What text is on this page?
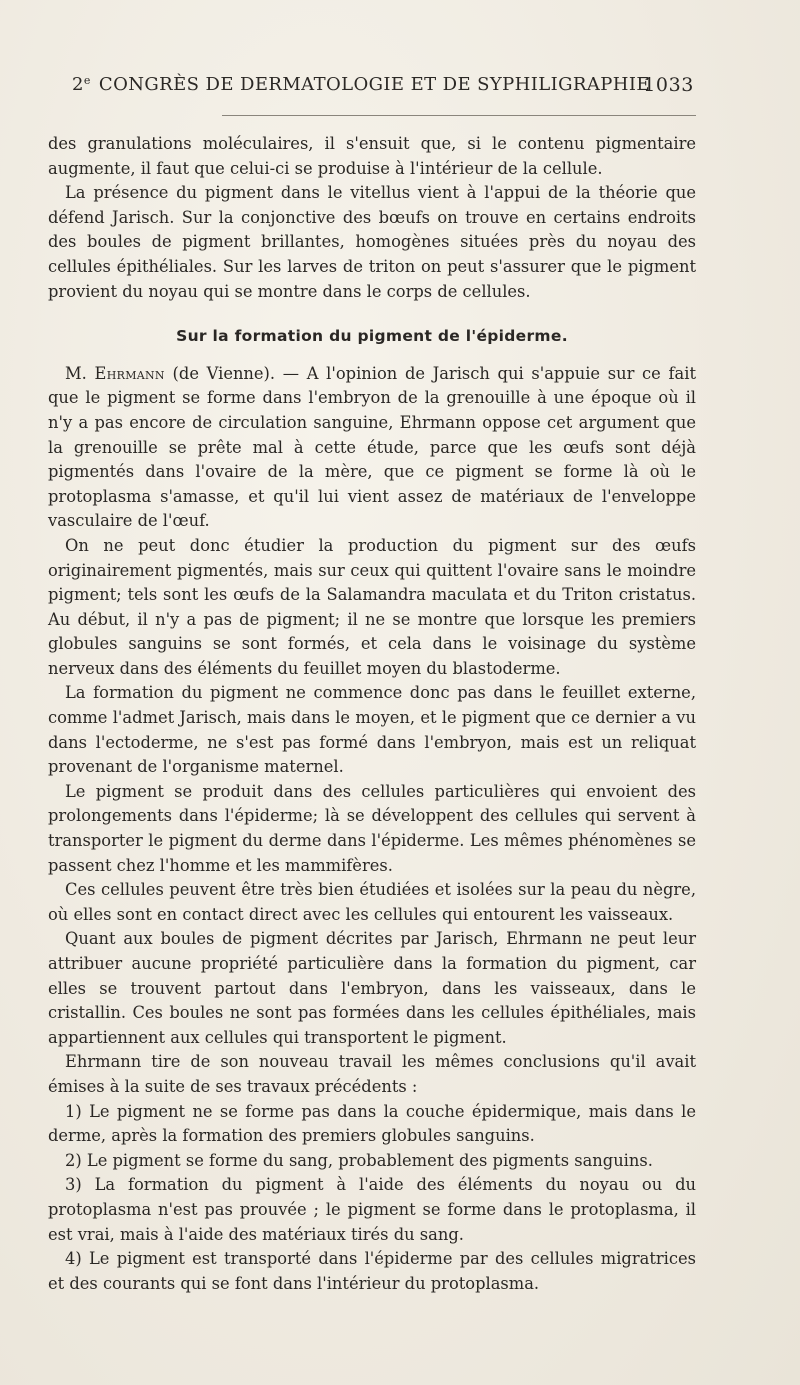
2e CONGRÈS DE DERMATOLOGIE ET DE SYPHILIGRAPHIE
1033

des granulations moléculaires, il s'ensuit que, si le contenu pigmentaire augmente, il faut que celui-ci se produise à l'intérieur de la cellule.

La présence du pigment dans le vitellus vient à l'appui de la théorie que défend Jarisch. Sur la conjonctive des bœufs on trouve en certains endroits des boules de pigment brillantes, homogènes situées près du noyau des cellules épithéliales. Sur les larves de triton on peut s'assurer que le pigment provient du noyau qui se montre dans le corps de cellules.

Sur la formation du pigment de l'épiderme.

M. Ehrmann (de Vienne). — A l'opinion de Jarisch qui s'appuie sur ce fait que le pigment se forme dans l'embryon de la grenouille à une époque où il n'y a pas encore de circulation sanguine, Ehrmann oppose cet argument que la grenouille se prête mal à cette étude, parce que les œufs sont déjà pigmentés dans l'ovaire de la mère, que ce pigment se forme là où le protoplasma s'amasse, et qu'il lui vient assez de matériaux de l'enveloppe vasculaire de l'œuf.

On ne peut donc étudier la production du pigment sur des œufs originairement pigmentés, mais sur ceux qui quittent l'ovaire sans le moindre pigment; tels sont les œufs de la Salamandra maculata et du Triton cristatus. Au début, il n'y a pas de pigment; il ne se montre que lorsque les premiers globules sanguins se sont formés, et cela dans le voisinage du système nerveux dans des éléments du feuillet moyen du blastoderme.

La formation du pigment ne commence donc pas dans le feuillet externe, comme l'admet Jarisch, mais dans le moyen, et le pigment que ce dernier a vu dans l'ectoderme, ne s'est pas formé dans l'embryon, mais est un reliquat provenant de l'organisme maternel.

Le pigment se produit dans des cellules particulières qui envoient des prolongements dans l'épiderme; là se développent des cellules qui servent à transporter le pigment du derme dans l'épiderme. Les mêmes phénomènes se passent chez l'homme et les mammifères.

Ces cellules peuvent être très bien étudiées et isolées sur la peau du nègre, où elles sont en contact direct avec les cellules qui entourent les vaisseaux.

Quant aux boules de pigment décrites par Jarisch, Ehrmann ne peut leur attribuer aucune propriété particulière dans la formation du pigment, car elles se trouvent partout dans l'embryon, dans les vaisseaux, dans le cristallin. Ces boules ne sont pas formées dans les cellules épithéliales, mais appartiennent aux cellules qui transportent le pigment.

Ehrmann tire de son nouveau travail les mêmes conclusions qu'il avait émises à la suite de ses travaux précédents :

1) Le pigment ne se forme pas dans la couche épidermique, mais dans le derme, après la formation des premiers globules sanguins.

2) Le pigment se forme du sang, probablement des pigments sanguins.

3) La formation du pigment à l'aide des éléments du noyau ou du protoplasma n'est pas prouvée ; le pigment se forme dans le protoplasma, il est vrai, mais à l'aide des matériaux tirés du sang.

4) Le pigment est transporté dans l'épiderme par des cellules migratrices et des courants qui se font dans l'intérieur du protoplasma.
